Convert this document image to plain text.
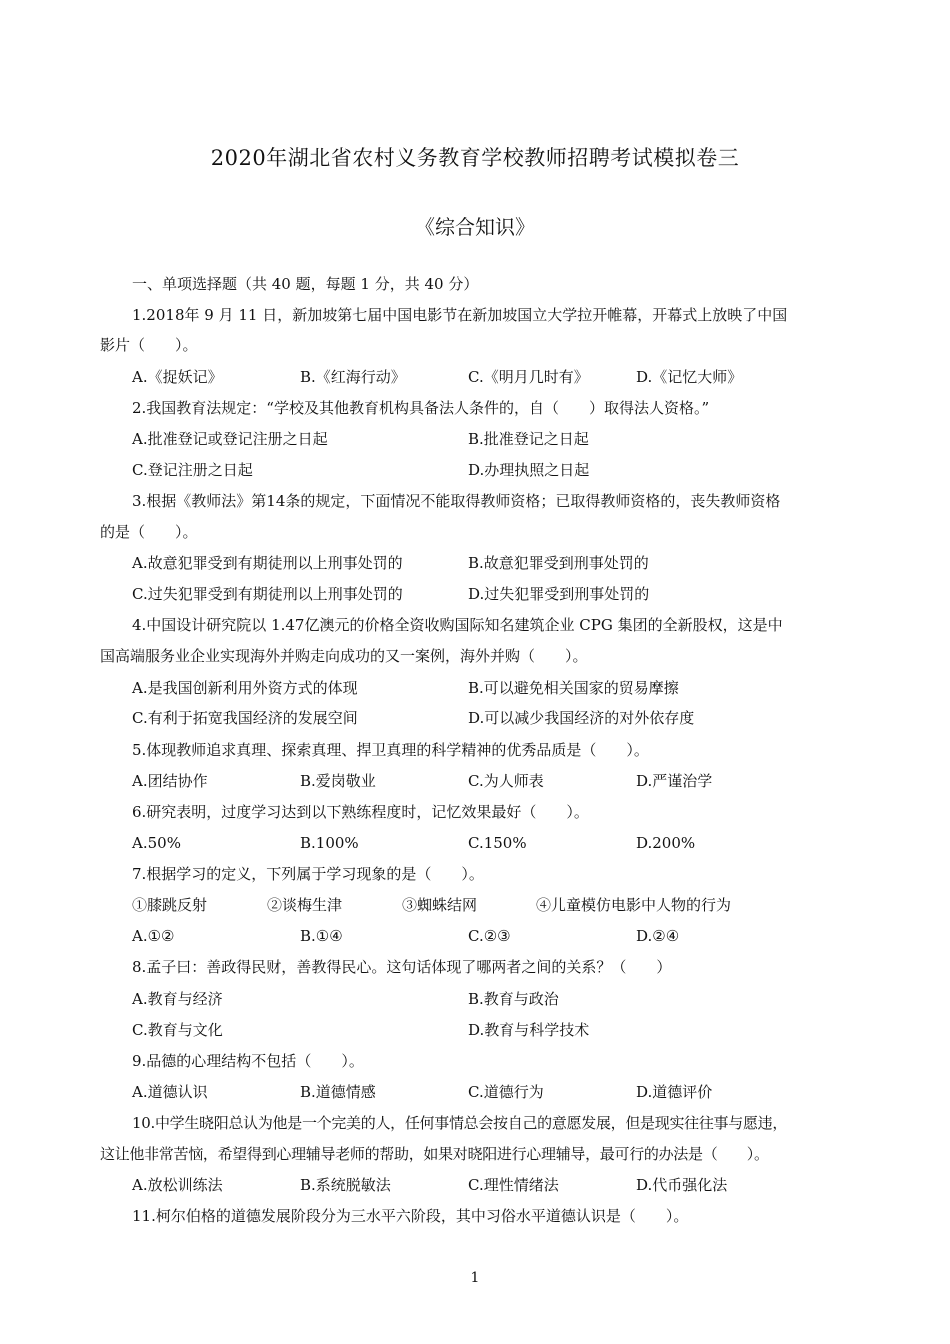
2020年湖北省农村义务教育学校教师招聘考试模拟卷三
《综合知识》
一、单项选择题（共 40 题，每题 1 分，共 40 分）
1.2018年 9 月 11 日，新加坡第七届中国电影节在新加坡国立大学拉开帷幕，开幕式上放映了中国
影片（　　）。
A.《捉妖记》	B.《红海行动》	C.《明月几时有》	D.《记忆大师》
2.我国教育法规定：“学校及其他教育机构具备法人条件的，自（　　）取得法人资格。”
A.批准登记或登记注册之日起	B.批准登记之日起
C.登记注册之日起	D.办理执照之日起
3.根据《教师法》第14条的规定，下面情况不能取得教师资格；已取得教师资格的，丧失教师资格
的是（　　）。
A.故意犯罪受到有期徒刑以上刑事处罚的	B.故意犯罪受到刑事处罚的
C.过失犯罪受到有期徒刑以上刑事处罚的	D.过失犯罪受到刑事处罚的
4.中国设计研究院以 1.47亿澳元的价格全资收购国际知名建筑企业 CPG 集团的全新股权，这是中
国高端服务业企业实现海外并购走向成功的又一案例，海外并购（　　）。
A.是我国创新利用外资方式的体现	B.可以避免相关国家的贸易摩擦
C.有利于拓宽我国经济的发展空间	D.可以减少我国经济的对外依存度
5.体现教师追求真理、探索真理、捍卫真理的科学精神的优秀品质是（　　）。
A.团结协作	B.爱岗敬业	C.为人师表	D.严谨治学
6.研究表明，过度学习达到以下熟练程度时，记忆效果最好（　　）。
A.50%	B.100%	C.150%	D.200%
7.根据学习的定义，下列属于学习现象的是（　　）。
①膝跳反射	②谈梅生津	③蜘蛛结网	④儿童模仿电影中人物的行为
A.①②	B.①④	C.②③	D.②④
8.孟子曰：善政得民财，善教得民心。这句话体现了哪两者之间的关系？（　　）
A.教育与经济	B.教育与政治
C.教育与文化	D.教育与科学技术
9.品德的心理结构不包括（　　）。
A.道德认识	B.道德情感	C.道德行为	D.道德评价
10.中学生晓阳总认为他是一个完美的人，任何事情总会按自己的意愿发展，但是现实往往事与愿违，
这让他非常苦恼，希望得到心理辅导老师的帮助，如果对晓阳进行心理辅导，最可行的办法是（　　）。
A.放松训练法	B.系统脱敏法	C.理性情绪法	D.代币强化法
11.柯尔伯格的道德发展阶段分为三水平六阶段，其中习俗水平道德认识是（　　）。
1
